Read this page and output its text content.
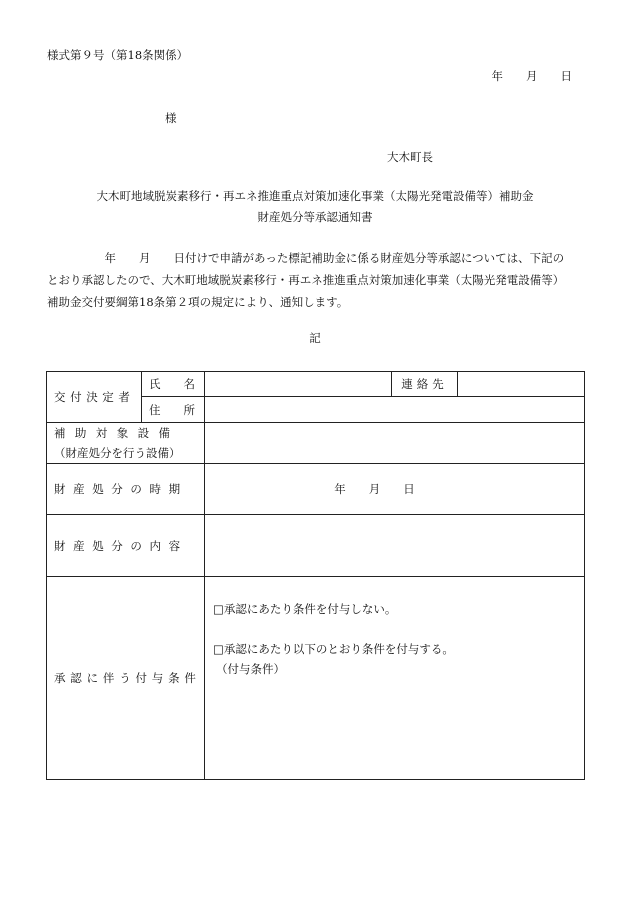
様式第９号（第18条関係）
年　　月　　日
様
大木町長
大木町地域脱炭素移行・再エネ推進重点対策加速化事業（太陽光発電設備等）補助金
財産処分等承認通知書
　　　　　年　　月　　日付けで申請があった標記補助金に係る財産処分等承認については、下記の
とおり承認したので、大木町地域脱炭素移行・再エネ推進重点対策加速化事業（太陽光発電設備等）
補助金交付要綱第18条第２項の規定により、通知します。
記
交付決定者	氏　　名		連絡先	
	住　　所			

補助対象設備
（財産処分を行う設備）				

財産処分の時期		年　　月　　日		
財産処分の内容				
承認に伴う付与条件		□承認にあたり条件を付与しない。
□承認にあたり以下のとおり条件を付与する。
（付与条件）		
